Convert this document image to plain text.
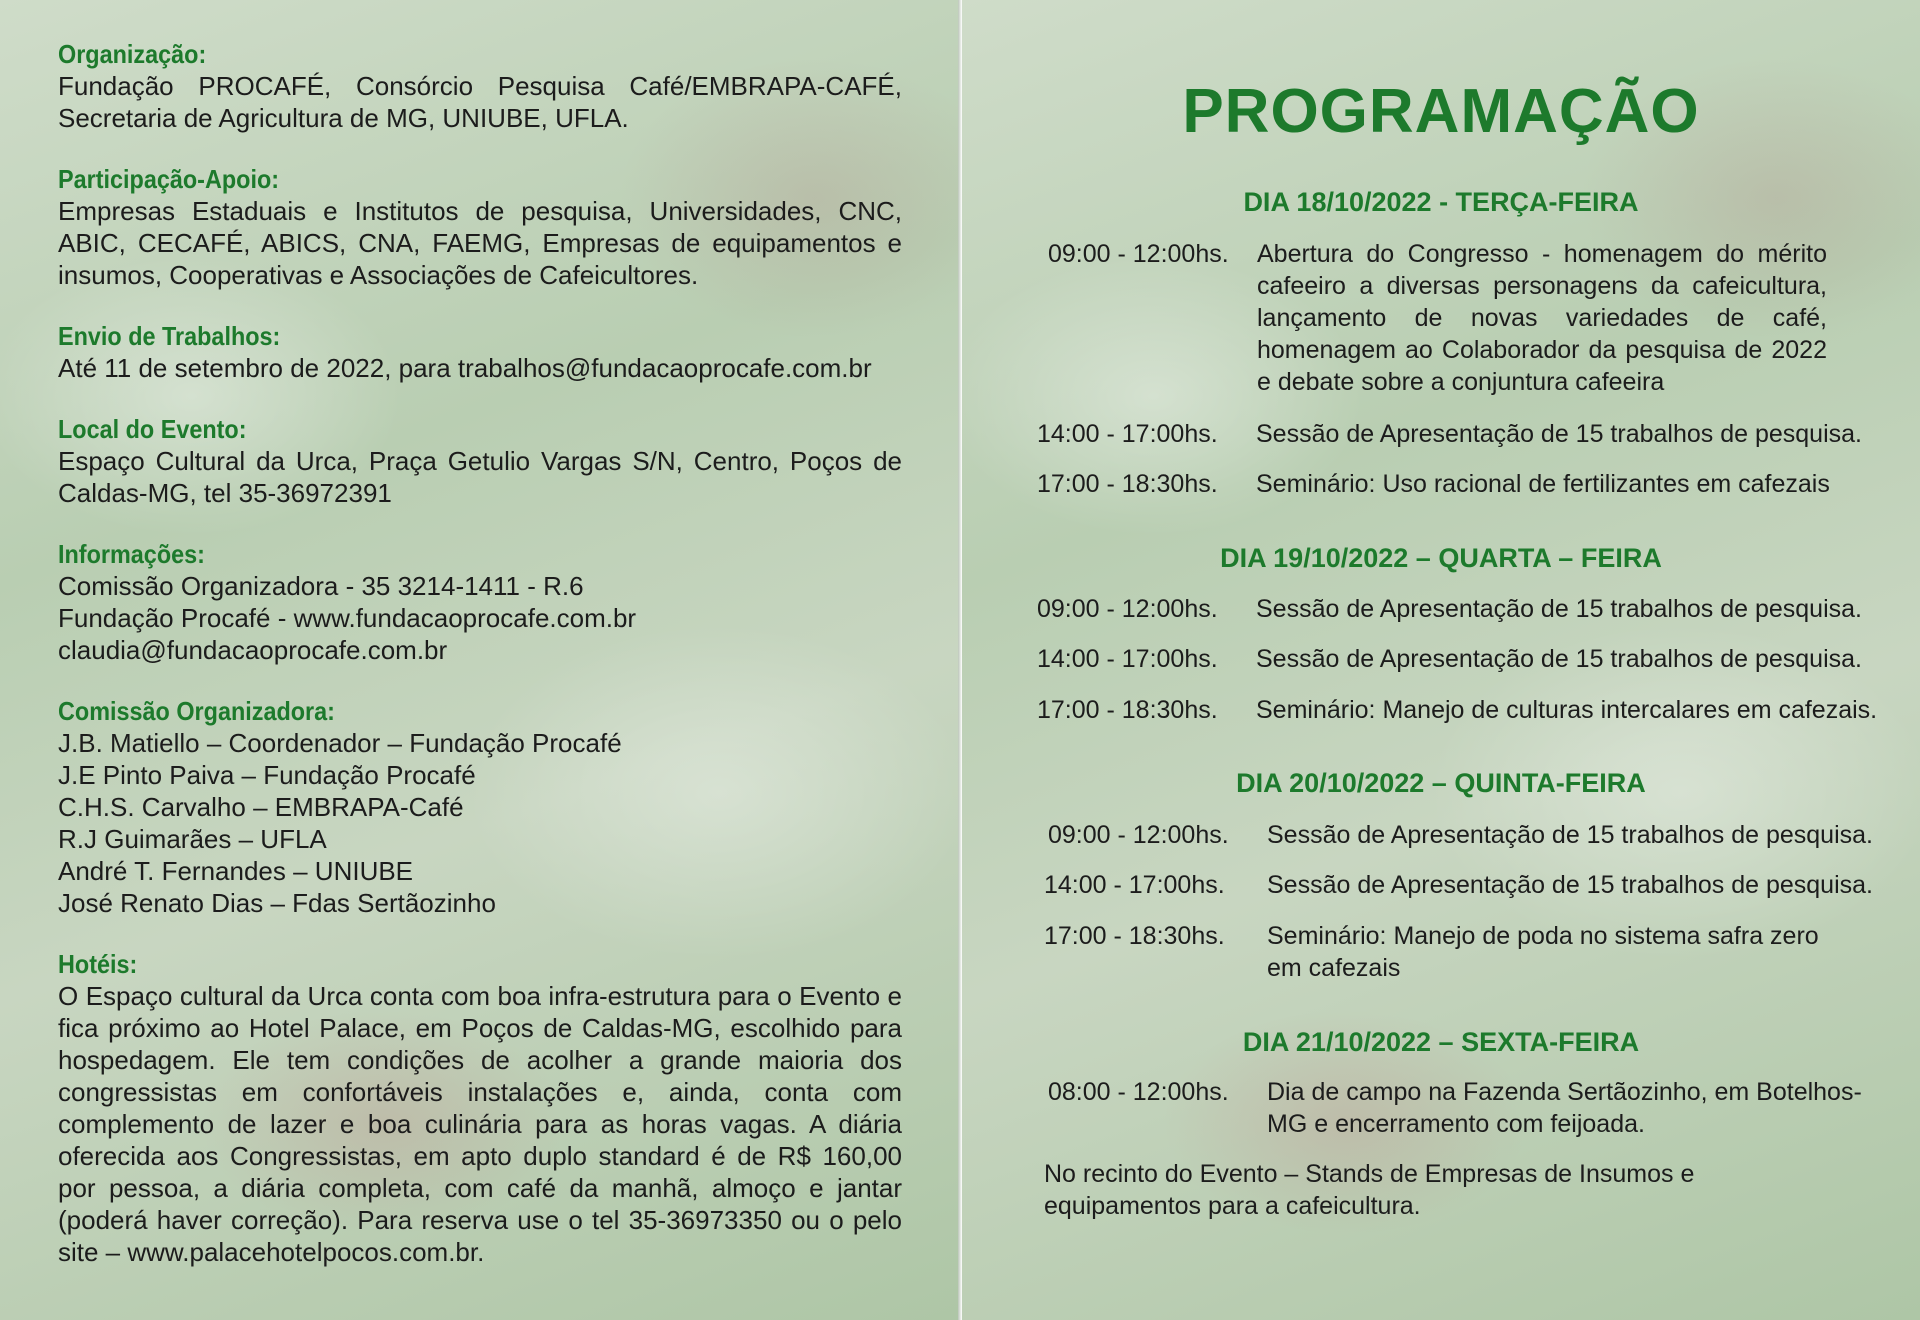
Organização:
Fundação PROCAFÉ, Consórcio Pesquisa Café/EMBRAPA-CAFÉ, Secretaria de Agricultura de MG, UNIUBE, UFLA.
Participação-Apoio:
Empresas Estaduais e Institutos de pesquisa, Universidades, CNC, ABIC, CECAFÉ, ABICS, CNA, FAEMG, Empresas de equipamentos e insumos, Cooperativas e Associações de Cafeicultores.
Envio de Trabalhos:
Até 11 de setembro de 2022, para trabalhos@fundacaoprocafe.com.br
Local do Evento:
Espaço Cultural da Urca, Praça Getulio Vargas S/N, Centro, Poços de Caldas-MG, tel 35-36972391
Informações:
Comissão Organizadora - 35 3214-1411 - R.6
Fundação Procafé - www.fundacaoprocafe.com.br
claudia@fundacaoprocafe.com.br
Comissão Organizadora:
J.B. Matiello – Coordenador – Fundação Procafé
J.E Pinto Paiva – Fundação Procafé
C.H.S. Carvalho – EMBRAPA-Café
R.J Guimarães – UFLA
André T. Fernandes – UNIUBE
José Renato Dias – Fdas Sertãozinho
Hotéis:
O Espaço cultural da Urca conta com boa infra-estrutura para o Evento e fica próximo ao Hotel Palace, em Poços de Caldas-MG, escolhido para hospedagem. Ele tem condições de acolher a grande maioria dos congressistas em confortáveis instalações e, ainda, conta com complemento de lazer e boa culinária para as horas vagas. A diária oferecida aos Congressistas, em apto duplo standard é de R$ 160,00 por pessoa, a diária completa, com café da manhã, almoço e jantar (poderá haver correção). Para reserva use o tel 35-36973350 ou o pelo site – www.palacehotelpocos.com.br.
PROGRAMAÇÃO
DIA 18/10/2022 - TERÇA-FEIRA
09:00 - 12:00hs. Abertura do Congresso - homenagem do mérito cafeeiro a diversas personagens da cafeicultura, lançamento de novas variedades de café, homenagem ao Colaborador da pesquisa de 2022 e debate sobre a conjuntura cafeeira
14:00 - 17:00hs. Sessão de Apresentação de 15 trabalhos de pesquisa.
17:00 - 18:30hs. Seminário: Uso racional de fertilizantes em cafezais
DIA 19/10/2022 – QUARTA – FEIRA
09:00 - 12:00hs. Sessão de Apresentação de 15 trabalhos de pesquisa.
14:00 - 17:00hs. Sessão de Apresentação de 15 trabalhos de pesquisa.
17:00 - 18:30hs. Seminário: Manejo de culturas intercalares em cafezais.
DIA 20/10/2022 – QUINTA-FEIRA
09:00 - 12:00hs. Sessão de Apresentação de 15 trabalhos de pesquisa.
14:00 - 17:00hs. Sessão de Apresentação de 15 trabalhos de pesquisa.
17:00 - 18:30hs. Seminário: Manejo de poda no sistema safra zero em cafezais
DIA 21/10/2022 – SEXTA-FEIRA
08:00 - 12:00hs. Dia de campo na Fazenda Sertãozinho, em Botelhos-MG e encerramento com feijoada.
No recinto do Evento – Stands de Empresas de Insumos e equipamentos para a cafeicultura.
